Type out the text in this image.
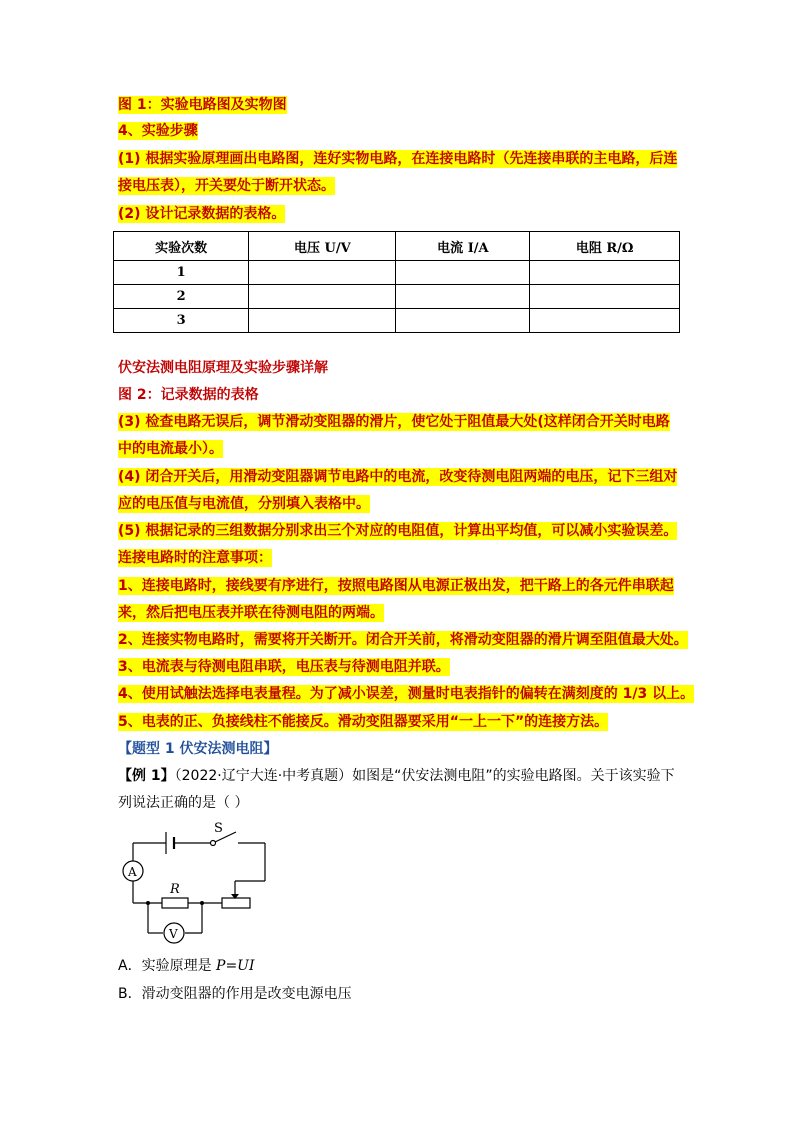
图 1：实验电路图及实物图
4、实验步骤
(1) 根据实验原理画出电路图，连好实物电路，在连接电路时（先连接串联的主电路，后连
接电压表），开关要处于断开状态。
(2) 设计记录数据的表格。
实验次数	电压 U/V	电流 I/A	电阻 R/Ω
1			
2			
3			
伏安法测电阻原理及实验步骤详解
图 2：记录数据的表格
(3) 检查电路无误后，调节滑动变阻器的滑片，使它处于阻值最大处(这样闭合开关时电路
中的电流最小）。
(4) 闭合开关后，用滑动变阻器调节电路中的电流，改变待测电阻两端的电压，记下三组对
应的电压值与电流值，分别填入表格中。
(5) 根据记录的三组数据分别求出三个对应的电阻值，计算出平均值，可以减小实验误差。
连接电路时的注意事项：
1、连接电路时，接线要有序进行，按照电路图从电源正极出发，把干路上的各元件串联起
来，然后把电压表并联在待测电阻的两端。
2、连接实物电路时，需要将开关断开。闭合开关前，将滑动变阻器的滑片调至阻值最大处。
3、电流表与待测电阻串联，电压表与待测电阻并联。
4、使用试触法选择电表量程。为了减小误差，测量时电表指针的偏转在满刻度的 1/3 以上。
5、电表的正、负接线柱不能接反。滑动变阻器要采用“一上一下”的连接方法。
【题型 1 伏安法测电阻】
【例 1】（2022·辽宁大连·中考真题）如图是“伏安法测电阻”的实验电路图。关于该实验下
列说法正确的是（ ）
S
R
A
V
A．实验原理是 P=UI
B．滑动变阻器的作用是改变电源电压
